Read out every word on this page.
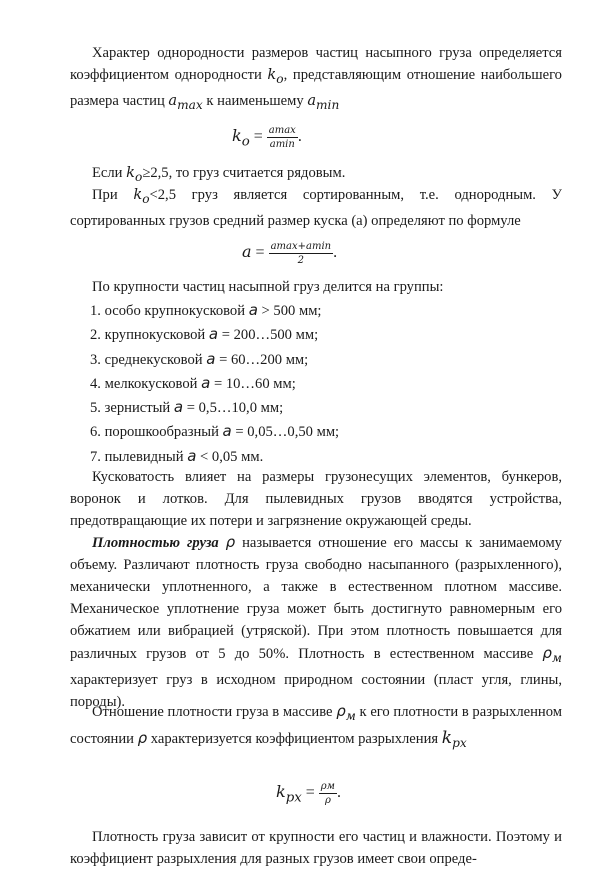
Характер однородности размеров частиц насыпного груза определяется коэффициентом однородности $k_о$, представляющим отношение наибольшего размера частиц $a_{max}$ к наименьшему $a_{min}$

$k_о = \frac{amax}{amin}$ .

Если $k_о\ge 2,5$, то груз считается рядовым.

При $k_о<2,5$ груз является сортированным, т.е. однородным. У сортированных грузов средний размер куска (а) определяют по формуле

$a = \frac{amax+amin}{2}$ .

По крупности частиц насыпной груз делится на группы:

1. особо крупнокусковой a > 500 мм;
2. крупнокусковой a = 200…500 мм;
3. среднекусковой a = 60…200 мм;
4. мелкокусковой a = 10…60 мм;
5. зернистый a = 0,5…10,0 мм;
6. порошкообразный a = 0,05…0,50 мм;
7. пылевидный a < 0,05 мм.

Кусковатость влияет на размеры грузонесущих элементов, бункеров, воронок и лотков. Для пылевидных грузов вводятся устройства, предотвращающие их потери и загрязнение окружающей среды.

Плотностью груза ρ называется отношение его массы к занимаемому объему. Различают плотность груза свободно насыпанного (разрыхленного), механически уплотненного, а также в естественном плотном массиве. Механическое уплотнение груза может быть достигнуто равномерным его обжатием или вибрацией (утряской). При этом плотность повышается для различных грузов от 5 до 50%. Плотность в естественном массиве $\rho_м$ характеризует груз в исходном природном состоянии (пласт угля, глины, породы).

Отношение плотности груза в массиве $\rho_м$ к его плотности в разрыхленном состоянии ρ характеризуется коэффициентом разрыхления $k_{рх}$

$k_{рх} = \frac{\rho м}{\rho}$ .

Плотность груза зависит от крупности его частиц и влажности. Поэтому и коэффициент разрыхления для разных грузов имеет свои опреде-
